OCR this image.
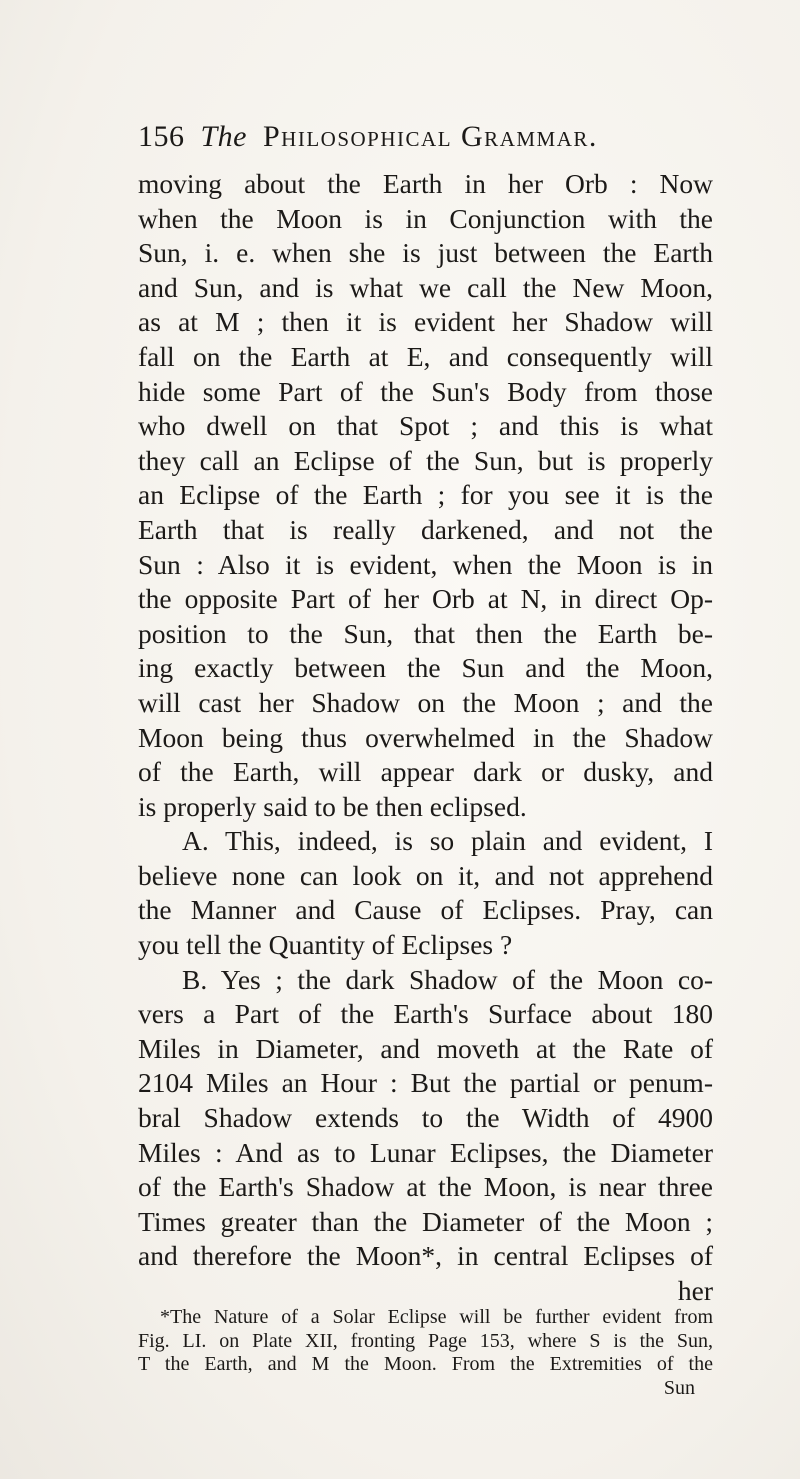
156 The Philosophical Grammar.
moving about the Earth in her Orb : Now
when the Moon is in Conjunction with the
Sun, i. e. when she is just between the Earth
and Sun, and is what we call the New Moon,
as at M ; then it is evident her Shadow will
fall on the Earth at E, and consequently will
hide some Part of the Sun's Body from those
who dwell on that Spot ; and this is what
they call an Eclipse of the Sun, but is properly
an Eclipse of the Earth ; for you see it is the
Earth that is really darkened, and not the
Sun : Also it is evident, when the Moon is in
the opposite Part of her Orb at N, in direct Op-
position to the Sun, that then the Earth be-
ing exactly between the Sun and the Moon,
will cast her Shadow on the Moon ; and the
Moon being thus overwhelmed in the Shadow
of the Earth, will appear dark or dusky, and
is properly said to be then eclipsed.
A. This, indeed, is so plain and evident, I
believe none can look on it, and not apprehend
the Manner and Cause of Eclipses. Pray, can
you tell the Quantity of Eclipses ?
B. Yes ; the dark Shadow of the Moon co-
vers a Part of the Earth's Surface about 180
Miles in Diameter, and moveth at the Rate of
2104 Miles an Hour : But the partial or penum-
bral Shadow extends to the Width of 4900
Miles : And as to Lunar Eclipses, the Diameter
of the Earth's Shadow at the Moon, is near three
Times greater than the Diameter of the Moon ;
and therefore the Moon*, in central Eclipses of
her
*The Nature of a Solar Eclipse will be further evident from
Fig. LI. on Plate XII, fronting Page 153, where S is the Sun,
T the Earth, and M the Moon. From the Extremities of the
Sun
